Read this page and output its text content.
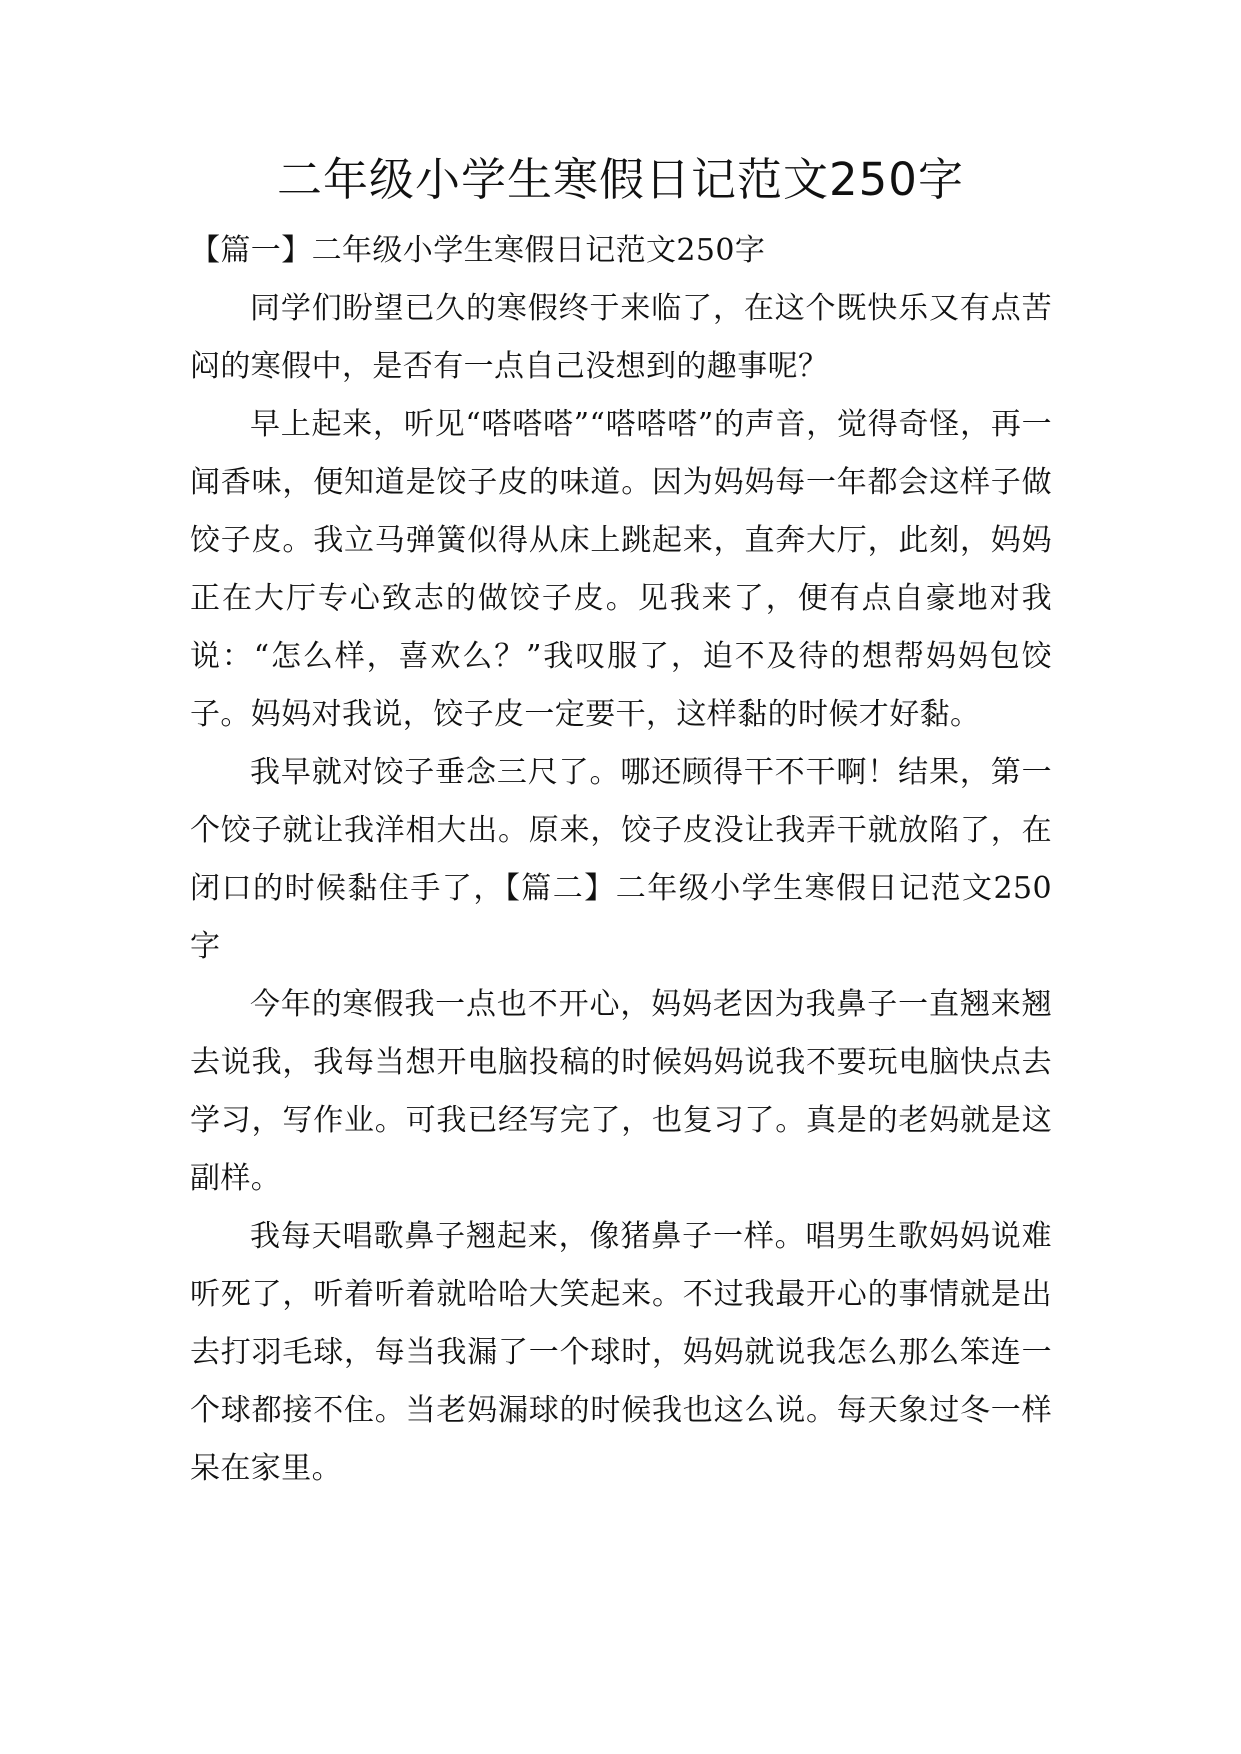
二年级小学生寒假日记范文250字

【篇一】二年级小学生寒假日记范文250字

同学们盼望已久的寒假终于来临了，在这个既快乐又有点苦闷的寒假中，是否有一点自己没想到的趣事呢？

早上起来，听见“嗒嗒嗒”“嗒嗒嗒”的声音，觉得奇怪，再一闻香味，便知道是饺子皮的味道。因为妈妈每一年都会这样子做饺子皮。我立马弹簧似得从床上跳起来，直奔大厅，此刻，妈妈正在大厅专心致志的做饺子皮。见我来了，便有点自豪地对我说：“怎么样，喜欢么？”我叹服了，迫不及待的想帮妈妈包饺子。妈妈对我说，饺子皮一定要干，这样黏的时候才好黏。

我早就对饺子垂念三尺了。哪还顾得干不干啊！结果，第一个饺子就让我洋相大出。原来，饺子皮没让我弄干就放陷了，在闭口的时候黏住手了，【篇二】二年级小学生寒假日记范文250字

今年的寒假我一点也不开心，妈妈老因为我鼻子一直翘来翘去说我，我每当想开电脑投稿的时候妈妈说我不要玩电脑快点去学习，写作业。可我已经写完了，也复习了。真是的老妈就是这副样。

我每天唱歌鼻子翘起来，像猪鼻子一样。唱男生歌妈妈说难听死了，听着听着就哈哈大笑起来。不过我最开心的事情就是出去打羽毛球，每当我漏了一个球时，妈妈就说我怎么那么笨连一个球都接不住。当老妈漏球的时候我也这么说。每天象过冬一样呆在家里。
